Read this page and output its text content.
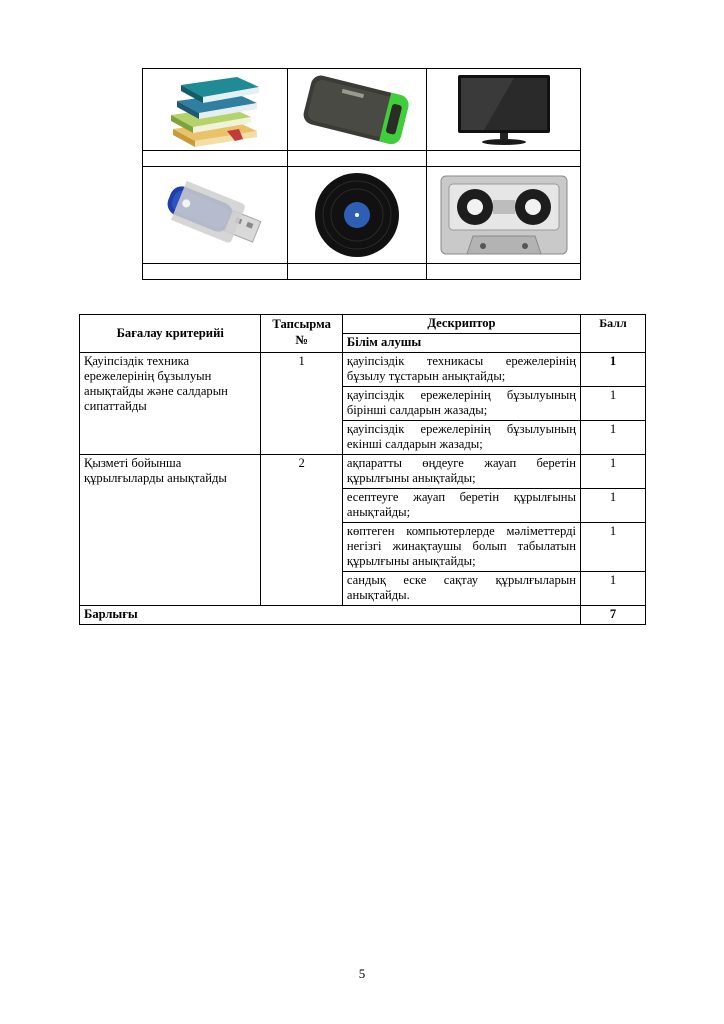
Бағалау критерийі	Тапсырма №	Дескриптор	Балл
		Білім алушы	
Қауіпсіздік техника ережелерінің бұзылуын анықтайды және салдарын сипаттайды	1	қауіпсіздік техникасы ережелерінің бұзылу тұстарын анықтайды;	1
		қауіпсіздік ережелерінің бұзылуының бірінші салдарын жазады;	1
		қауіпсіздік ережелерінің бұзылуының екінші салдарын жазады;	1
Қызметі бойынша құрылғыларды анықтайды	2	ақпаратты өңдеуге жауап беретін құрылғыны анықтайды;	1
		есептеуге жауап беретін құрылғыны анықтайды;	1
		көптеген компьютерлерде мәліметтерді негізгі жинақтаушы болып табылатын құрылғыны анықтайды;	1
		сандық еске сақтау құрылғыларын анықтайды.	1
Барлығы			7
5
